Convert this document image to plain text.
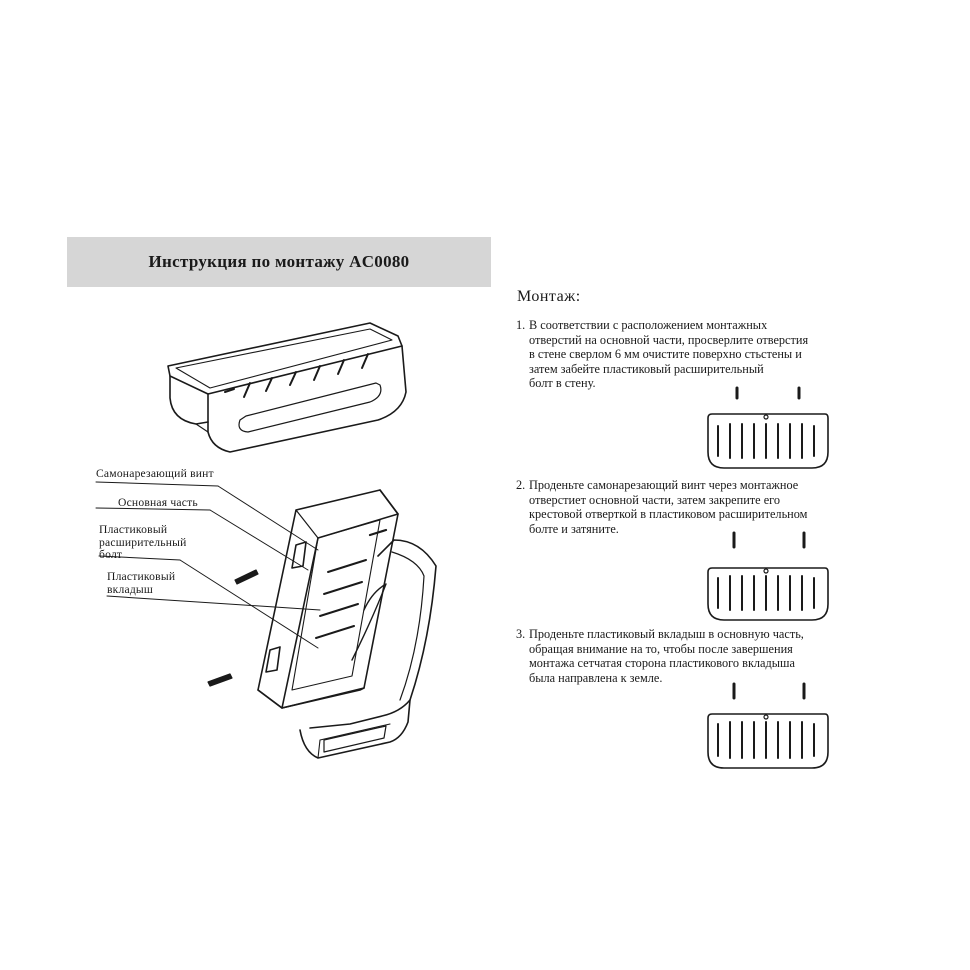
Инструкция по монтажу AC0080
Монтаж:
1. В соответствии с расположением монтажных
отверстий на основной части, просверлите отверстия
в стене сверлом 6 мм очистите поверхно стьстены и
затем забейте пластиковый расширительный
болт в стену.
2. Проденьте самонарезающий винт через монтажное
отверстиет основной части, затем закрепите его
крестовой отверткой в пластиковом расширительном
болте и затяните.
3. Проденьте пластиковый вкладыш в основную часть,
обращая внимание на то, чтобы после завершения
монтажа сетчатая сторона пластикового вкладыша
была направлена к земле.
Самонарезающий винт
Основная часть
Пластиковый
расширительный
болт
Пластиковый
вкладыш
